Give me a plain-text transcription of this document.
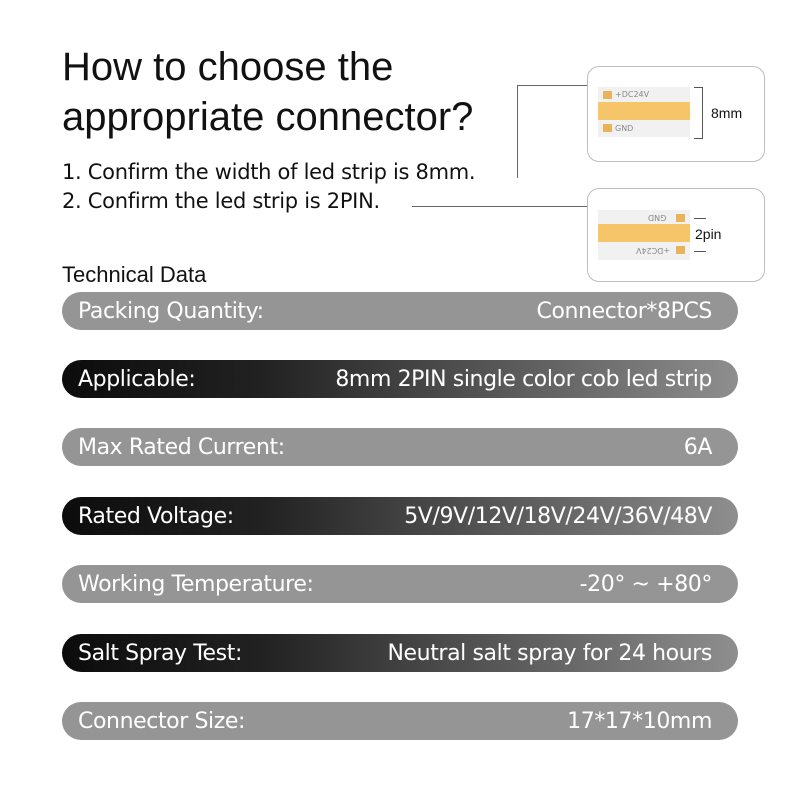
How to choose the
appropriate connector?
1. Confirm the width of led strip is 8mm.
2. Confirm the led strip is 2PIN.
+DC24V
GND
8mm
GND
+DC24V
2pin
Technical Data
Packing Quantity:	Connector*8PCS
Applicable:	8mm 2PIN single color cob led strip
Max Rated Current:	6A
Rated Voltage:	5V/9V/12V/18V/24V/36V/48V
Working Temperature:	-20° ~ +80°
Salt Spray Test:	Neutral salt spray for 24 hours
Connector Size:	17*17*10mm
